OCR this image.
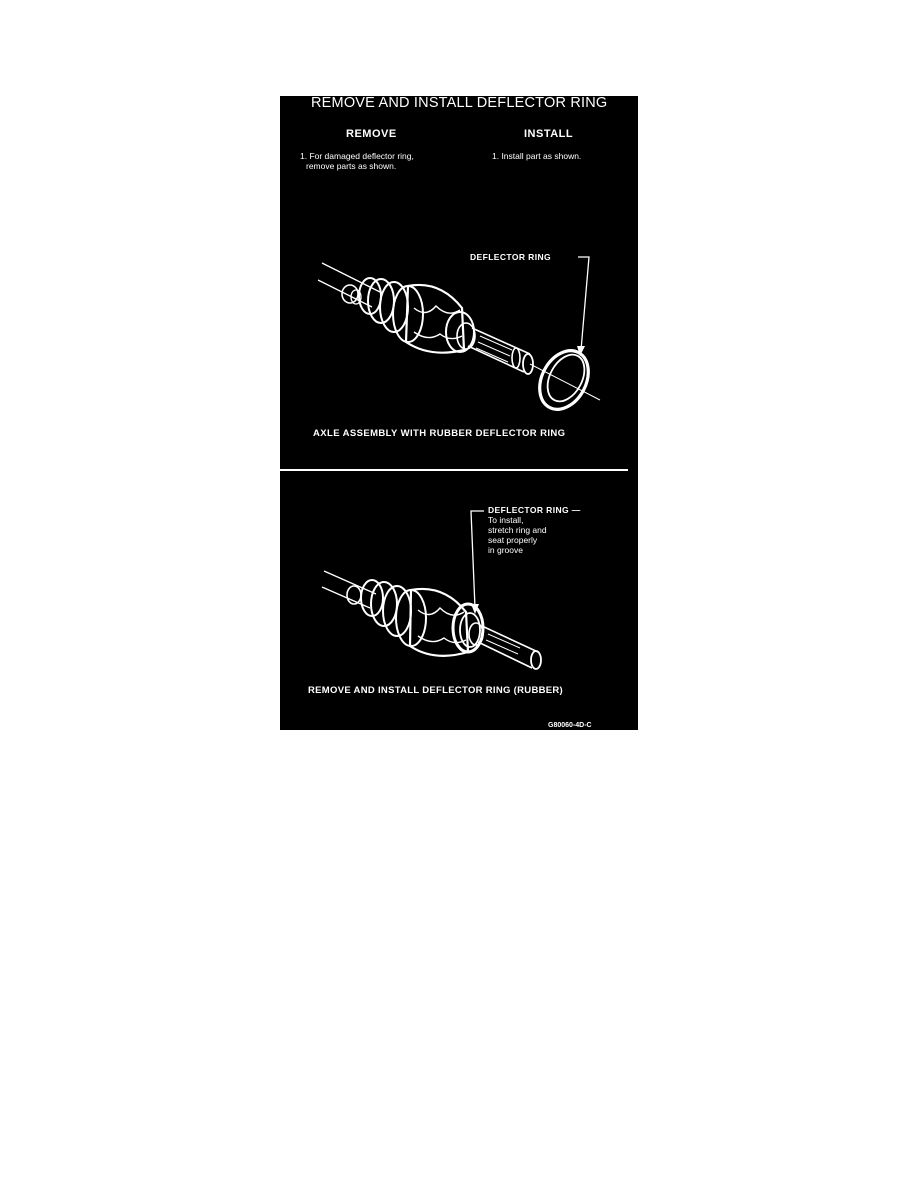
REMOVE AND INSTALL DEFLECTOR RING
REMOVE	INSTALL
1. For damaged deflector ring,
remove parts as shown.
1. Install part as shown.
DEFLECTOR RING
AXLE ASSEMBLY WITH RUBBER DEFLECTOR RING
DEFLECTOR RING —
To install,
stretch ring and
seat properly
in groove
REMOVE AND INSTALL DEFLECTOR RING (RUBBER)
G80060-4D-C
